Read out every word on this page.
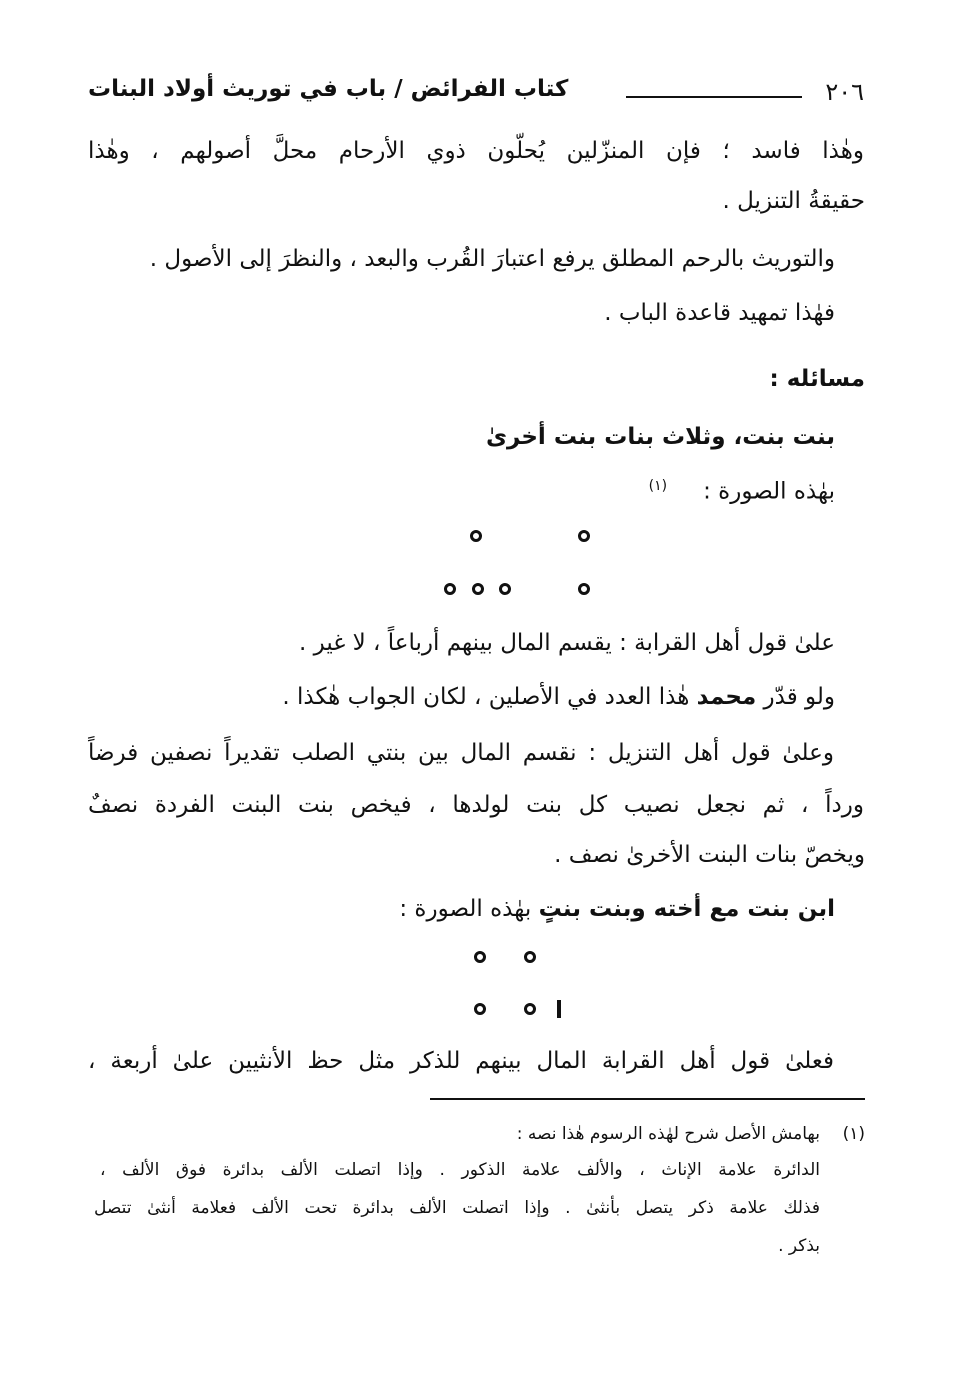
٢٠٦
كتاب الفرائض / باب في توريث أولاد البنات
وهٰذا فاسد ؛ فإن المنزّلين يُحلّون ذوي الأرحام محلَّ أصولهم ، وهٰذا
حقيقةُ التنزيل .
والتوريث بالرحم المطلق يرفع اعتبارَ القُرب والبعد ، والنظرَ إلى الأصول .
فهٰذا تمهيد قاعدة الباب .
مسائله :
بنت بنت، وثلاث بنات بنت أخرىٰ
بهٰذه الصورة :$^{(١)}$
علىٰ قول أهل القرابة : يقسم المال بينهم أرباعاً ، لا غير .
ولو قدّر محمد هٰذا العدد في الأصلين ، لكان الجواب هٰكذا .
وعلىٰ قول أهل التنزيل : نقسم المال بين بنتي الصلب تقديراً نصفين فرضاً
ورداً ، ثم نجعل نصيب كل بنت لولدها ، فيخص بنت البنت الفردة نصفٌ
ويخصّ بنات البنت الأخرىٰ نصف .
ابن بنت مع أخته وبنت بنتٍ بهٰذه الصورة :
فعلىٰ قول أهل القرابة المال بينهم للذكر مثل حظ الأنثيين علىٰ أربعة ،
(١)
بهامش الأصل شرح لهٰذه الرسوم هٰذا نصه :
الدائرة علامة الإناث ، والألف علامة الذكور . وإذا اتصلت الألف بدائرة فوق الألف ،
فذلك علامة ذكر يتصل بأنثىٰ . وإذا اتصلت الألف بدائرة تحت الألف فعلامة أنثىٰ تتصل
بذكر .
